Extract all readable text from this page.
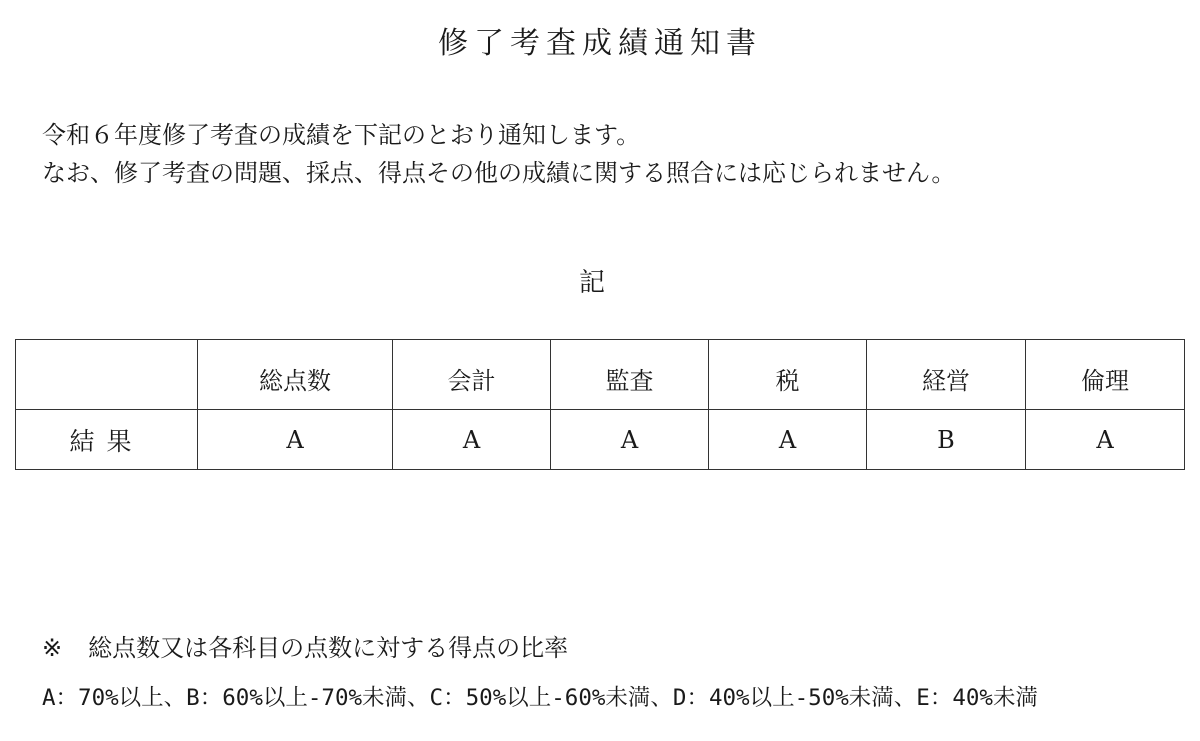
修了考査成績通知書

令和６年度修了考査の成績を下記のとおり通知します。

なお、修了考査の問題、採点、得点その他の成績に関する照合には応じられません。

記
	総点数	会計	監査	税	経営	倫理
結果	A	A	A	A	B	A
※ 総点数又は各科目の点数に対する得点の比率
A：70%以上、B：60%以上-70%未満、C：50%以上-60%未満、D：40%以上-50%未満、E：40%未満
